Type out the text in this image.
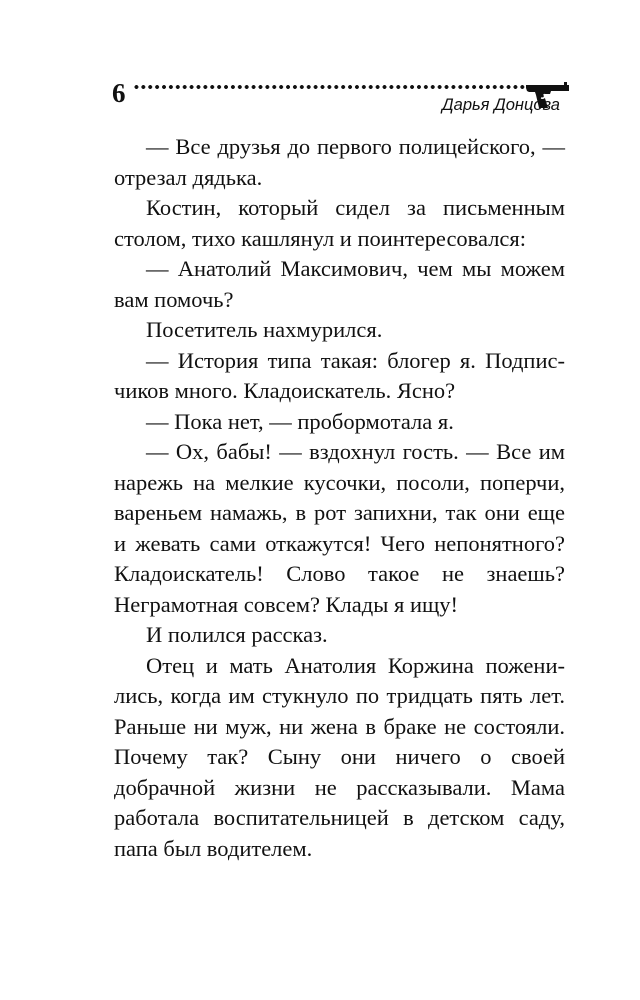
6	Дарья Донцова

— Все друзья до первого полицейского, — отрезал дядька.

Костин, который сидел за письменным столом, тихо кашлянул и поинтересовался:

— Анатолий Максимович, чем мы можем вам помочь?

Посетитель нахмурился.

— История типа такая: блогер я. Подписчиков много. Кладоискатель. Ясно?

— Пока нет, — пробормотала я.

— Ох, бабы! — вздохнул гость. — Все им нарежь на мелкие кусочки, посоли, поперчи, вареньем намажь, в рот запихни, так они еще и жевать сами откажутся! Чего непонятного? Кладоискатель! Слово такое не знаешь? Неграмотная совсем? Клады я ищу!

И полился рассказ.

Отец и мать Анатолия Коржина поженились, когда им стукнуло по тридцать пять лет. Раньше ни муж, ни жена в браке не состояли. Почему так? Сыну они ничего о своей добрачной жизни не рассказывали. Мама работала воспитательницей в детском саду, папа был водителем.
